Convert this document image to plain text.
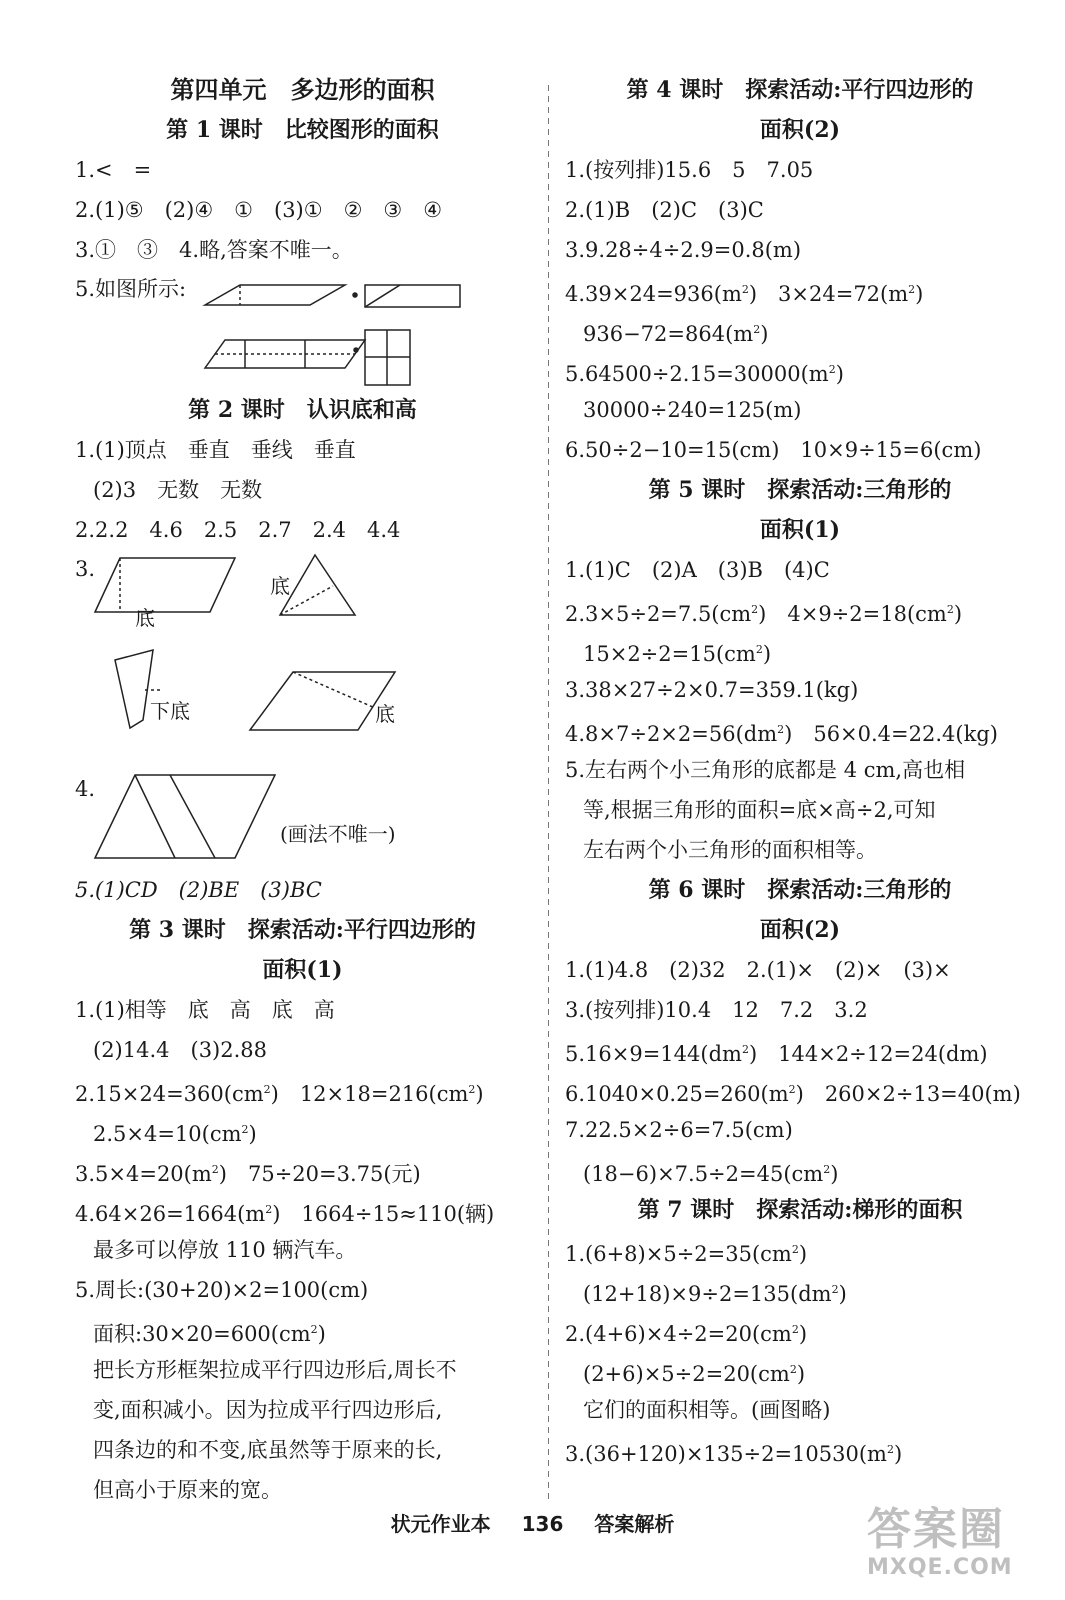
第四单元　多边形的面积
第 1 课时　比较图形的面积
1.<　=
2.(1)⑤　(2)④　①　(3)①　②　③　④
3.①　③　4.略,答案不唯一。
5.如图所示:
第 2 课时　认识底和高
1.(1)顶点　垂直　垂线　垂直
(2)3　无数　无数
2.2.2　4.6　2.5　2.7　2.4　4.4
3.
底
底
下底	底
4.
(画法不唯一)
5.(1)CD　(2)BE　(3)BC
第 3 课时　探索活动:平行四边形的
面积(1)
1.(1)相等　底　高　底　高
(2)14.4　(3)2.88
$2.15\times 24=360(cm^2)$　$12\times 18=216(cm^2)$
$2.5\times 4=10(cm^2)$
$3.5\times 4=20(m^2)$　75÷20=3.75(元)
$4.64\times 26=1664(m^2)$　1664÷15≈110(辆)
最多可以停放 110 辆汽车。
5.周长:(30+20)×2=100(cm)
面积$:30\times 20=600(cm^2)$
把长方形框架拉成平行四边形后,周长不
变,面积减小。因为拉成平行四边形后,
四条边的和不变,底虽然等于原来的长,
但高小于原来的宽。
第 4 课时　探索活动:平行四边形的
面积(2)
1.(按列排)15.6　5　7.05
2.(1)B　(2)C　(3)C
3.9.28÷4÷2.9=0.8(m)
$4.39\times 24=936(m^2)$　$3\times 24=72(m^2)$
$936-72=864(m^2)$
$5.64500\div 2.15=30000(m^2)$
30000÷240=125(m)
6.50÷2−10=15(cm)　10×9÷15=6(cm)
第 5 课时　探索活动:三角形的
面积(1)
1.(1)C　(2)A　(3)B　(4)C
$2.3\times 5\div 2=7.5(cm^2)$　$4\times 9\div 2=18(cm^2)$
$15\times 2\div 2=15(cm^2)$
3.38×27÷2×0.7=359.1(kg)
$4.8\times 7\div 2\times 2=56(dm^2)$　56×0.4=22.4(kg)
5.左右两个小三角形的底都是 4 cm,高也相
等,根据三角形的面积=底×高÷2,可知
左右两个小三角形的面积相等。
第 6 课时　探索活动:三角形的
面积(2)
1.(1)4.8　(2)32　2.(1)×　(2)×　(3)×
3.(按列排)10.4　12　7.2　3.2
$5.16\times 9=144(dm^2)$　144×2÷12=24(dm)
$6.1040\times 0.25=260(m^2)$　260×2÷13=40(m)
7.22.5×2÷6=7.5(cm)
$(18-6)\times 7.5\div 2=45(cm^2)$
第 7 课时　探索活动:梯形的面积
$1.(6+8)\times 5\div 2=35(cm^2)$
$(12+18)\times 9\div 2=135(dm^2)$
$2.(4+6)\times 4\div 2=20(cm^2)$
$(2+6)\times 5\div 2=20(cm^2)$
它们的面积相等。(画图略)
$3.(36+120)\times 135\div 2=10530(m^2)$
状元作业本 136 答案解析	答案圈
MXQE.COM
